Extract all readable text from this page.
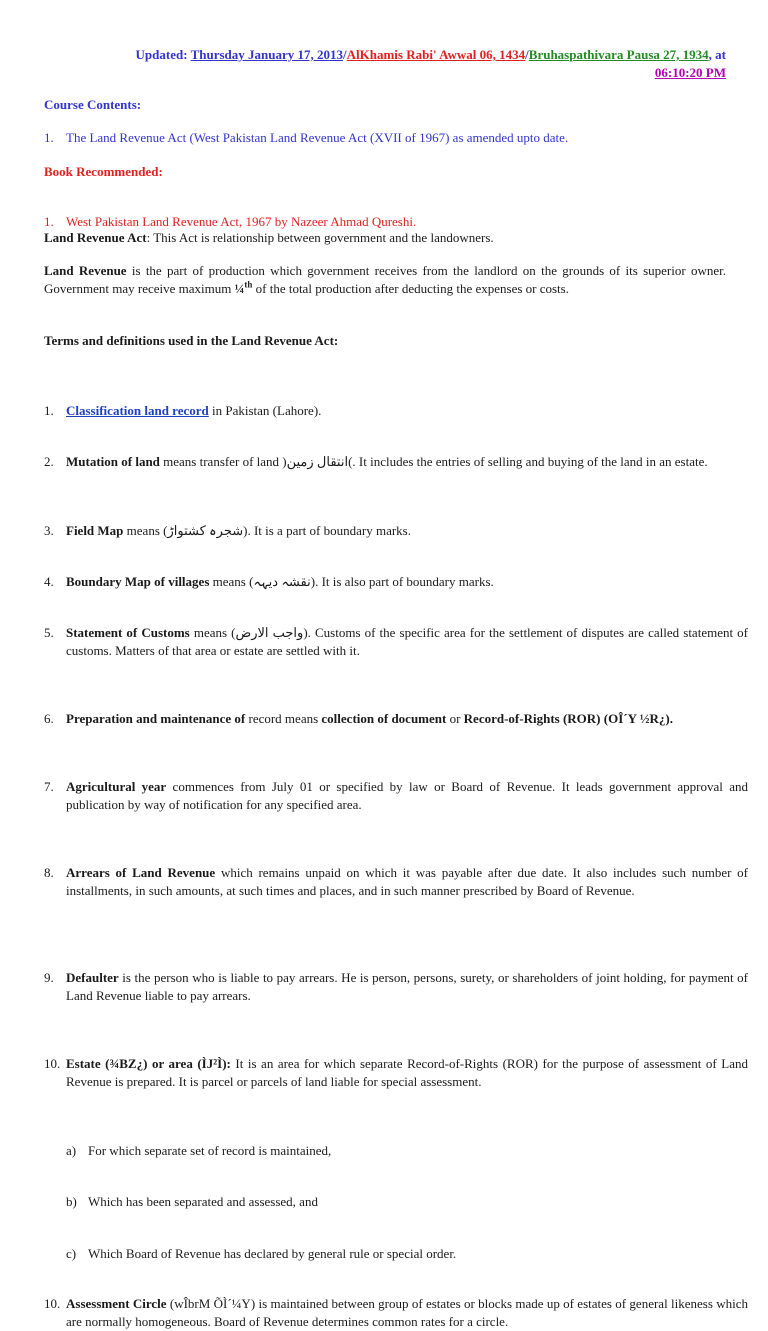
Updated: Thursday January 17, 2013/AlKhamis Rabi' Awwal 06, 1434/Bruhaspathivara Pausa 27, 1934, at
06:10:20 PM

Course Contents:

1. The Land Revenue Act (West Pakistan Land Revenue Act (XVII of 1967) as amended upto date.

Book Recommended:

1. West Pakistan Land Revenue Act, 1967 by Nazeer Ahmad Qureshi.

Land Revenue Act: This Act is relationship between government and the landowners.

Land Revenue is the part of production which government receives from the landlord on the grounds of its superior owner. Government may receive maximum ¼$^{th}$ of the total production after deducting the expenses or costs.

Terms and definitions used in the Land Revenue Act:

1. Classification land record in Pakistan (Lahore).

2. Mutation of land means transfer of land )انتقال زمین(. It includes the entries of selling and buying of the land in an estate.

3. Field Map means (شجرہ کشتواڑ). It is a part of boundary marks.

4. Boundary Map of villages means (نقشہ دیہہ). It is also part of boundary marks.

5. Statement of Customs means (واجب الارض). Customs of the specific area for the settlement of disputes are called statement of customs. Matters of that area or estate are settled with it.

6. Preparation and maintenance of record means collection of document or Record-of-Rights (ROR) (OÎ´Y ½R¿).

7. Agricultural year commences from July 01 or specified by law or Board of Revenue. It leads government approval and publication by way of notification for any specified area.

8. Arrears of Land Revenue which remains unpaid on which it was payable after due date. It also includes such number of installments, in such amounts, at such times and places, and in such manner prescribed by Board of Revenue.

9. Defaulter is the person who is liable to pay arrears. He is person, persons, surety, or shareholders of joint holding, for payment of Land Revenue liable to pay arrears.

10. Estate (¾BZ¿) or area (ÌJ²Ì): It is an area for which separate Record-of-Rights (ROR) for the purpose of assessment of Land Revenue is prepared. It is parcel or parcels of land liable for special assessment.

a) For which separate set of record is maintained,

b) Which has been separated and assessed, and

c) Which Board of Revenue has declared by general rule or special order.

10. Assessment Circle (wÎbrM ÕÌ´¼Y) is maintained between group of estates or blocks made up of estates of general likeness which are normally homogeneous. Board of Revenue determines common rates for a circle.
